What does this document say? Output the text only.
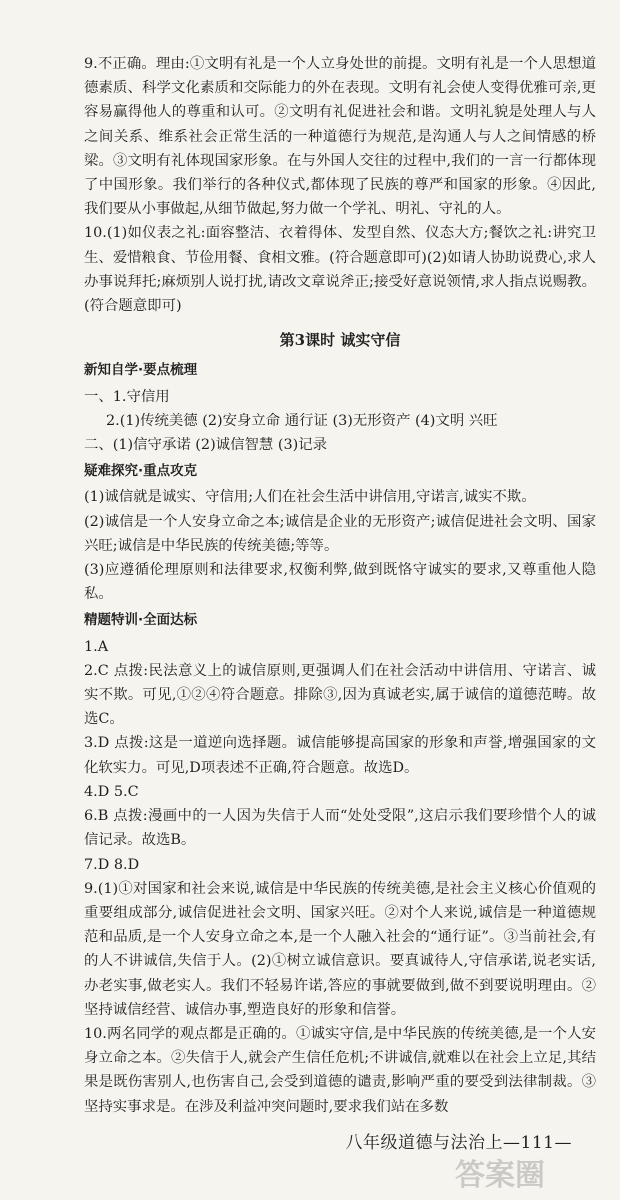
9.不正确。理由:①文明有礼是一个人立身处世的前提。文明有礼是一个人思想道德素质、科学文化素质和交际能力的外在表现。文明有礼会使人变得优雅可亲,更容易赢得他人的尊重和认可。②文明有礼促进社会和谐。文明礼貌是处理人与人之间关系、维系社会正常生活的一种道德行为规范,是沟通人与人之间情感的桥梁。③文明有礼体现国家形象。在与外国人交往的过程中,我们的一言一行都体现了中国形象。我们举行的各种仪式,都体现了民族的尊严和国家的形象。④因此,我们要从小事做起,从细节做起,努力做一个学礼、明礼、守礼的人。

10.(1)如仪表之礼:面容整洁、衣着得体、发型自然、仪态大方;餐饮之礼:讲究卫生、爱惜粮食、节俭用餐、食相文雅。(符合题意即可)(2)如请人协助说费心,求人办事说拜托;麻烦别人说打扰,请改文章说斧正;接受好意说领情,求人指点说赐教。(符合题意即可)

第3课时 诚实守信
新知自学·要点梳理

一、1.守信用

2.(1)传统美德 (2)安身立命 通行证 (3)无形资产 (4)文明 兴旺

二、(1)信守承诺 (2)诚信智慧 (3)记录

疑难探究·重点攻克

(1)诚信就是诚实、守信用;人们在社会生活中讲信用,守诺言,诚实不欺。

(2)诚信是一个人安身立命之本;诚信是企业的无形资产;诚信促进社会文明、国家兴旺;诚信是中华民族的传统美德;等等。

(3)应遵循伦理原则和法律要求,权衡利弊,做到既恪守诚实的要求,又尊重他人隐私。

精题特训·全面达标

1.A

2.C 点拨:民法意义上的诚信原则,更强调人们在社会活动中讲信用、守诺言、诚实不欺。可见,①②④符合题意。排除③,因为真诚老实,属于诚信的道德范畴。故选C。

3.D 点拨:这是一道逆向选择题。诚信能够提高国家的形象和声誉,增强国家的文化软实力。可见,D项表述不正确,符合题意。故选D。

4.D 5.C

6.B 点拨:漫画中的一人因为失信于人而“处处受限”,这启示我们要珍惜个人的诚信记录。故选B。

7.D 8.D

9.(1)①对国家和社会来说,诚信是中华民族的传统美德,是社会主义核心价值观的重要组成部分,诚信促进社会文明、国家兴旺。②对个人来说,诚信是一种道德规范和品质,是一个人安身立命之本,是一个人融入社会的“通行证”。③当前社会,有的人不讲诚信,失信于人。(2)①树立诚信意识。要真诚待人,守信承诺,说老实话,办老实事,做老实人。我们不轻易许诺,答应的事就要做到,做不到要说明理由。②坚持诚信经营、诚信办事,塑造良好的形象和信誉。

10.两名同学的观点都是正确的。①诚实守信,是中华民族的传统美德,是一个人安身立命之本。②失信于人,就会产生信任危机;不讲诚信,就难以在社会上立足,其结果是既伤害别人,也伤害自己,会受到道德的谴责,影响严重的要受到法律制裁。③坚持实事求是。在涉及利益冲突问题时,要求我们站在多数

八年级道德与法治上—111—
答案圈
